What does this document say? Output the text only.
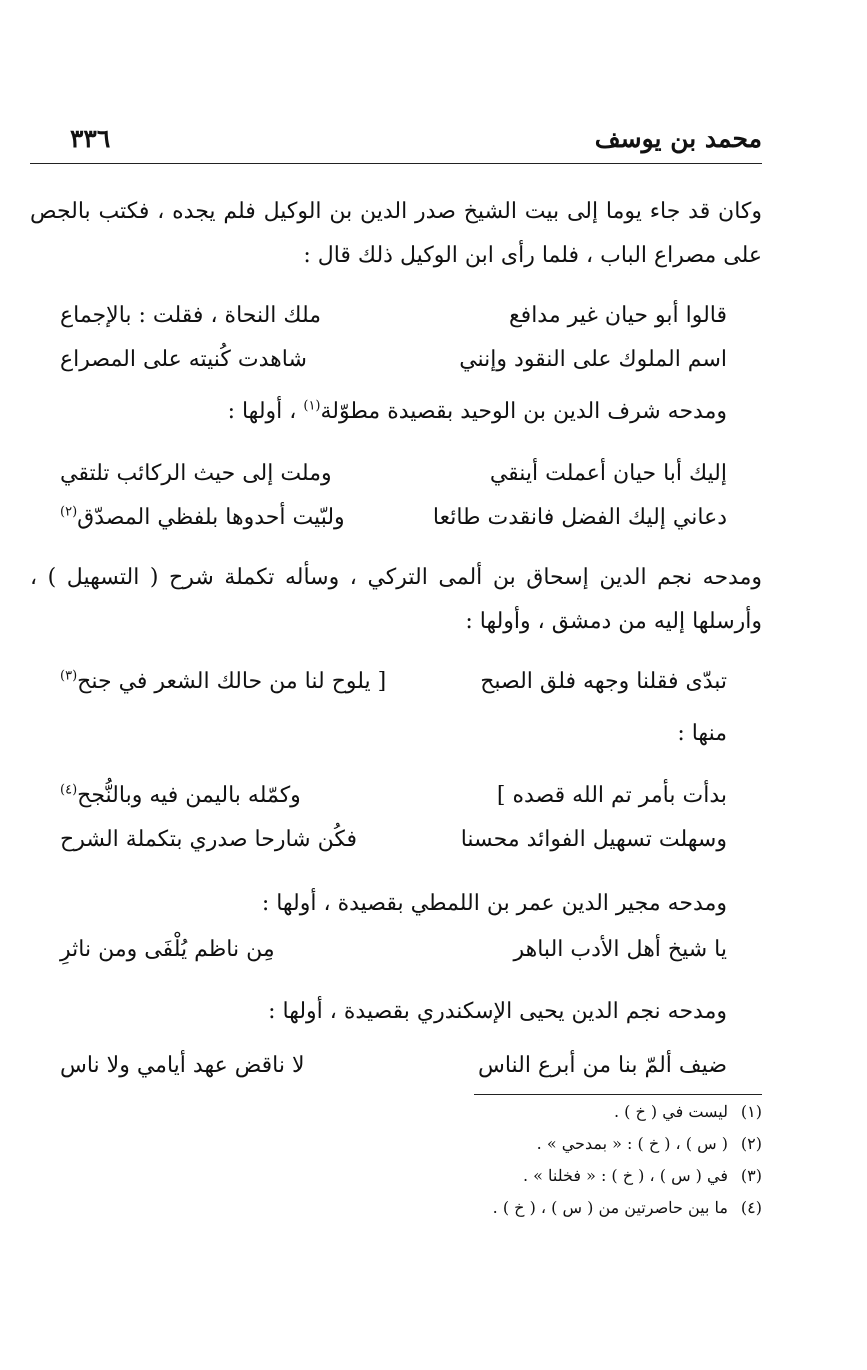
محمد بن يوسف
٣٣٦

وكان قد جاء يوما إلى بيت الشيخ صدر الدين بن الوكيل فلم يجده ، فكتب بالجص على مصراع الباب ، فلما رأى ابن الوكيل ذلك قال :

قالوا أبو حيان غير مدافع
ملك النحاة ، فقلت : بالإجماع
اسم الملوك على النقود وإنني
شاهدت كُنيته على المصراع

ومدحه شرف الدين بن الوحيد بقصيدة مطوّلة$^{(١)}$ ، أولها :

إليك أبا حيان أعملت أينقي
وملت إلى حيث الركائب تلتقي
دعاني إليك الفضل فانقدت طائعا
ولبّيت أحدوها بلفظي المصدّق$^{(٢)}$

ومدحه نجم الدين إسحاق بن ألمى التركي ، وسأله تكملة شرح ( التسهيل ) ، وأرسلها إليه من دمشق ، وأولها :

تبدّى فقلنا وجهه فلق الصبح
[ يلوح لنا من حالك الشعر في جنح$^{(٣)}$

منها :

بدأت بأمر تم الله قصده ]
وكمّله باليمن فيه وبالنُّجح$^{(٤)}$
وسهلت تسهيل الفوائد محسنا
فكُن شارحا صدري بتكملة الشرح

ومدحه مجير الدين عمر بن اللمطي بقصيدة ، أولها :

يا شيخ أهل الأدب الباهر
مِن ناظم يُلْفَى ومن ناثرِ

ومدحه نجم الدين يحيى الإسكندري بقصيدة ، أولها :

ضيف ألمّ بنا من أبرع الناس
لا ناقض عهد أيامي ولا ناس
(١)ليست في ( خ ) .
(٢)( س ) ، ( خ ) : « بمدحي » .
(٣)في ( س ) ، ( خ ) : « فخلنا » .
(٤)ما بين حاصرتين من ( س ) ، ( خ ) .
